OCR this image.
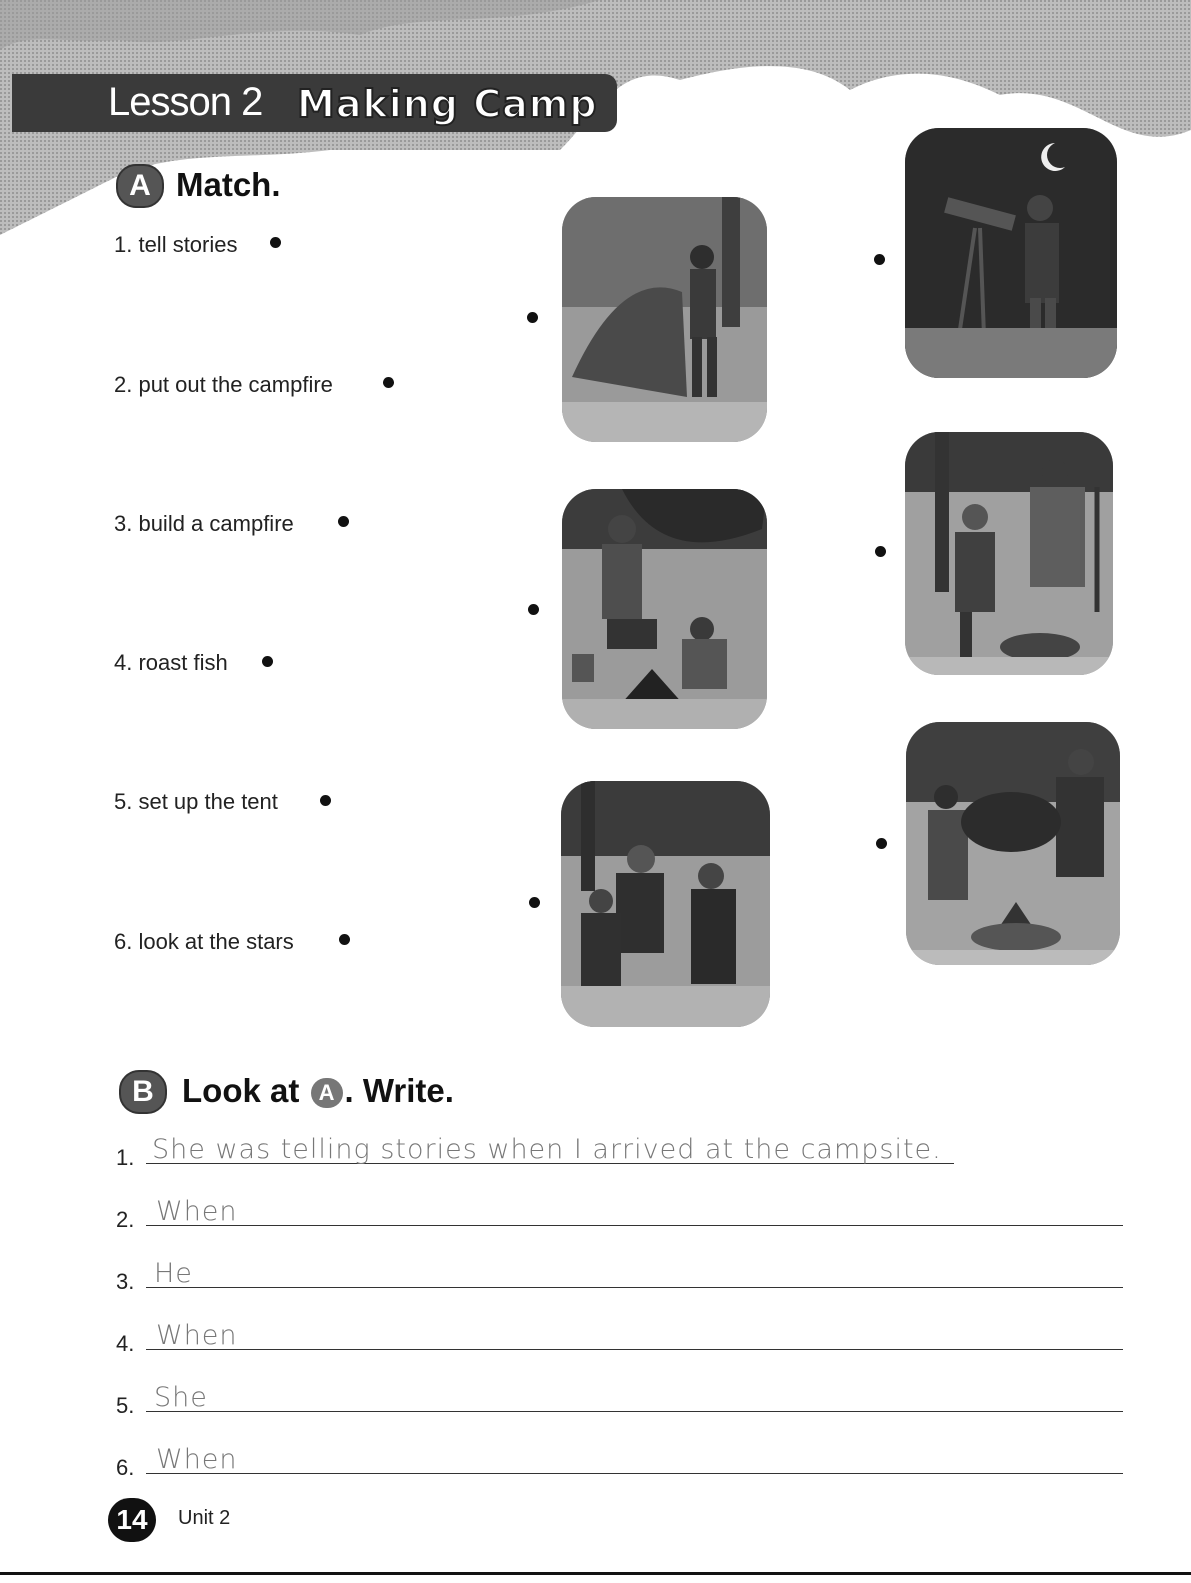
Lesson 2 Making Camp
A Match.
1. tell stories
2. put out the campfire
3. build a campfire
4. roast fish
5. set up the tent
6. look at the stars
B Look at A . Write.
1. She was telling stories when I arrived at the campsite.
2. When
3. He
4. When
5. She
6. When
14	Unit 2
